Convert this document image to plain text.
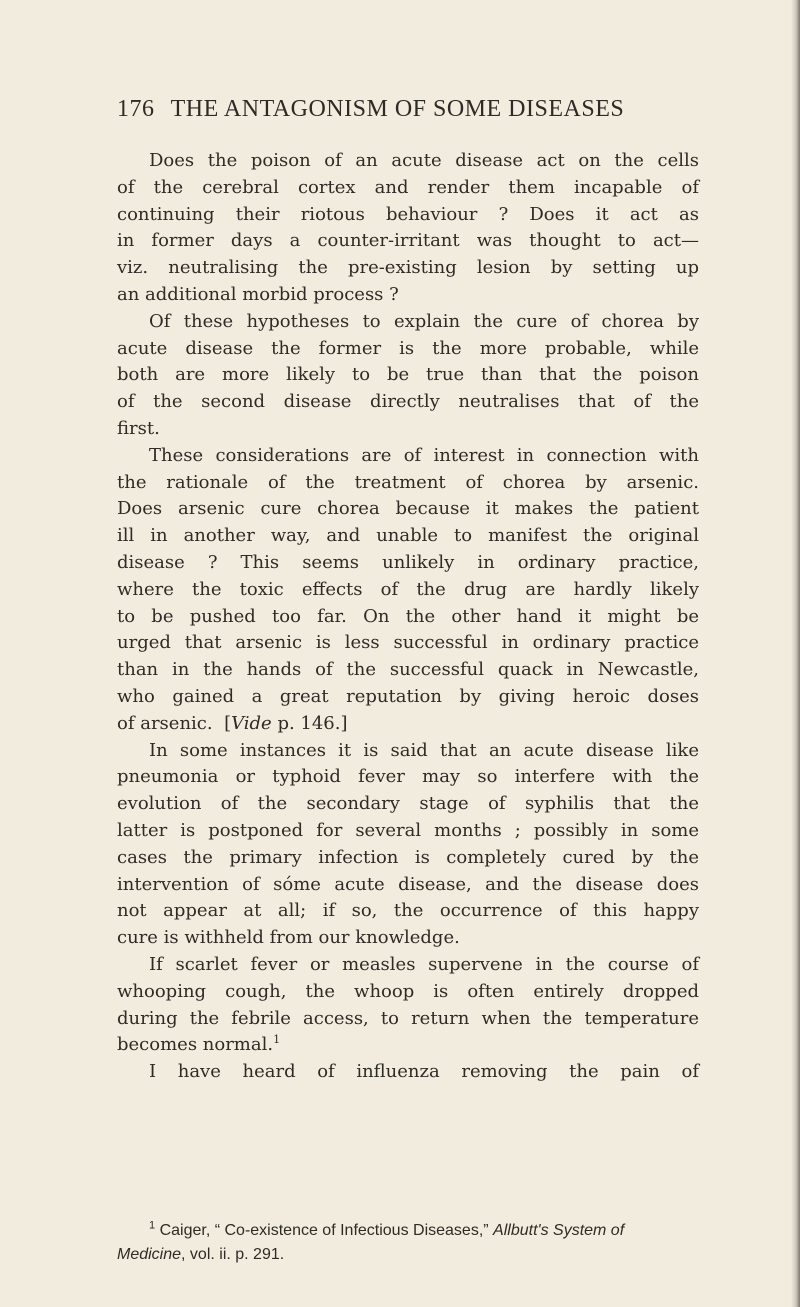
176 THE ANTAGONISM OF SOME DISEASES
Does the poison of an acute disease act on the cells
of the cerebral cortex and render them incapable of
continuing their riotous behaviour ? Does it act as
in former days a counter-irritant was thought to act—
viz. neutralising the pre-existing lesion by setting up
an additional morbid process ?
Of these hypotheses to explain the cure of chorea by
acute disease the former is the more probable, while
both are more likely to be true than that the poison
of the second disease directly neutralises that of the
first.
These considerations are of interest in connection with
the rationale of the treatment of chorea by arsenic.
Does arsenic cure chorea because it makes the patient
ill in another way, and unable to manifest the original
disease ? This seems unlikely in ordinary practice,
where the toxic effects of the drug are hardly likely
to be pushed too far. On the other hand it might be
urged that arsenic is less successful in ordinary practice
than in the hands of the successful quack in Newcastle,
who gained a great reputation by giving heroic doses
of arsenic. [Vide p. 146.]
In some instances it is said that an acute disease like
pneumonia or typhoid fever may so interfere with the
evolution of the secondary stage of syphilis that the
latter is postponed for several months ; possibly in some
cases the primary infection is completely cured by the
intervention of sóme acute disease, and the disease does
not appear at all; if so, the occurrence of this happy
cure is withheld from our knowledge.
If scarlet fever or measles supervene in the course of
whooping cough, the whoop is often entirely dropped
during the febrile access, to return when the temperature
becomes normal.$^1$
I have heard of influenza removing the pain of
$^1$ Caiger, “ Co-existence of Infectious Diseases,” Allbutt's System of
Medicine, vol. ii. p. 291.
